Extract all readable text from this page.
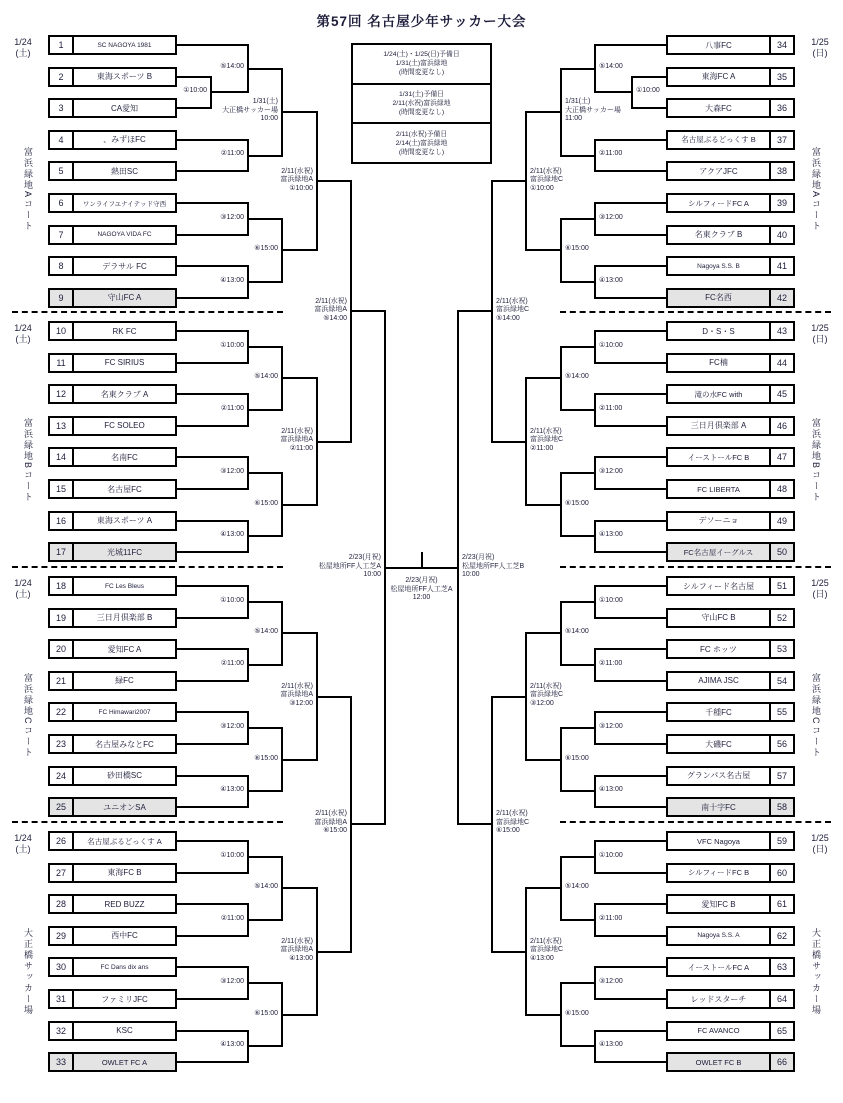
第57回 名古屋少年サッカー大会
1/24(土)・1/25(日)予備日
1/31(土)富浜緑地
(時間変更なし)
1/31(土)予備日
2/11(水祝)富浜緑地
(時間変更なし)
2/11(水祝)予備日
2/14(土)富浜緑地
(時間変更なし)
1	SC NAGOYA 1981
2	東海スポーツ B
3	CA愛知
①10:00
⑤14:00
4	、みずほFC
5	熱田SC
②11:00
1/31(土)
大正橋サッカー場
10:00
6	ワンライフユナイテッド守西
7	NAGOYA VIDA FC
③12:00
8	デラサル FC
9	守山FC A
④13:00
⑥15:00
2/11(水祝)
富浜緑地A
①10:00
1/24
(土)
富浜緑地Aコート
10	RK FC
11	FC SIRIUS
①10:00
12	名東クラブ A
13	FC SOLEO
②11:00
⑤14:00
14	名南FC
15	名古屋FC
③12:00
16	東海スポーツ A
17	光城11FC
④13:00
⑥15:00
2/11(水祝)
富浜緑地A
②11:00
1/24
(土)
富浜緑地Bコート
18	FC Les Bleus
19	三日月倶楽部 B
①10:00
20	愛知FC A
21	緑FC
②11:00
⑤14:00
22	FC Himawari2007
23	名古屋みなとFC
③12:00
24	砂田橋SC
25	ユニオンSA
④13:00
⑥15:00
2/11(水祝)
富浜緑地A
③12:00
1/24
(土)
富浜緑地Cコート
26	名古屋ぶるどっくす A
27	東海FC B
①10:00
28	RED BUZZ
29	西中FC
②11:00
⑤14:00
30	FC Dans dix ans
31	ファミリJFC
③12:00
32	KSC
33	OWLET FC A
④13:00
⑥15:00
2/11(水祝)
富浜緑地A
④13:00
1/24
(土)
大正橋サッカー場
2/11(水祝)
富浜緑地A
⑤14:00
2/11(水祝)
富浜緑地A
⑥15:00
2/23(月祝)
松屋地所FF人工芝A
10:00
八事FC	34
東海FC A	35
大森FC	36
①10:00
⑤14:00
名古屋ぶるどっくす B	37
アクアJFC	38
②11:00
1/31(土)
大正橋サッカー場
11:00
シルフィードFC A	39
名東クラブ B	40
③12:00
Nagoya S.S. B	41
FC名西	42
④13:00
⑥15:00
2/11(水祝)
富浜緑地C
①10:00
1/25
(日)
富浜緑地Aコート
D・S・S	43
FC楠	44
①10:00
滝の水FC with	45
三日月倶楽部 A	46
②11:00
⑤14:00
イーストールFC B	47
FC LIBERTA	48
③12:00
デソーニョ	49
FC名古屋イーグルス	50
④13:00
⑥15:00
2/11(水祝)
富浜緑地C
②11:00
1/25
(日)
富浜緑地Bコート
シルフィード名古屋	51
守山FC B	52
①10:00
FC ホッツ	53
AJIMA JSC	54
②11:00
⑤14:00
千種FC	55
大磯FC	56
③12:00
グランパス名古屋	57
南十字FC	58
④13:00
⑥15:00
2/11(水祝)
富浜緑地C
③12:00
1/25
(日)
富浜緑地Cコート
VFC Nagoya	59
シルフィードFC B	60
①10:00
愛知FC B	61
Nagoya S.S. A	62
②11:00
⑤14:00
イーストールFC A	63
レッドスターチ	64
③12:00
FC AVANCO	65
OWLET FC B	66
④13:00
⑥15:00
2/11(水祝)
富浜緑地C
④13:00
1/25
(日)
大正橋サッカー場
2/11(水祝)
富浜緑地C
⑤14:00
2/11(水祝)
富浜緑地C
⑥15:00
2/23(月祝)
松屋地所FF人工芝B
10:00
2/23(月祝)
松屋地所FF人工芝A
12:00
